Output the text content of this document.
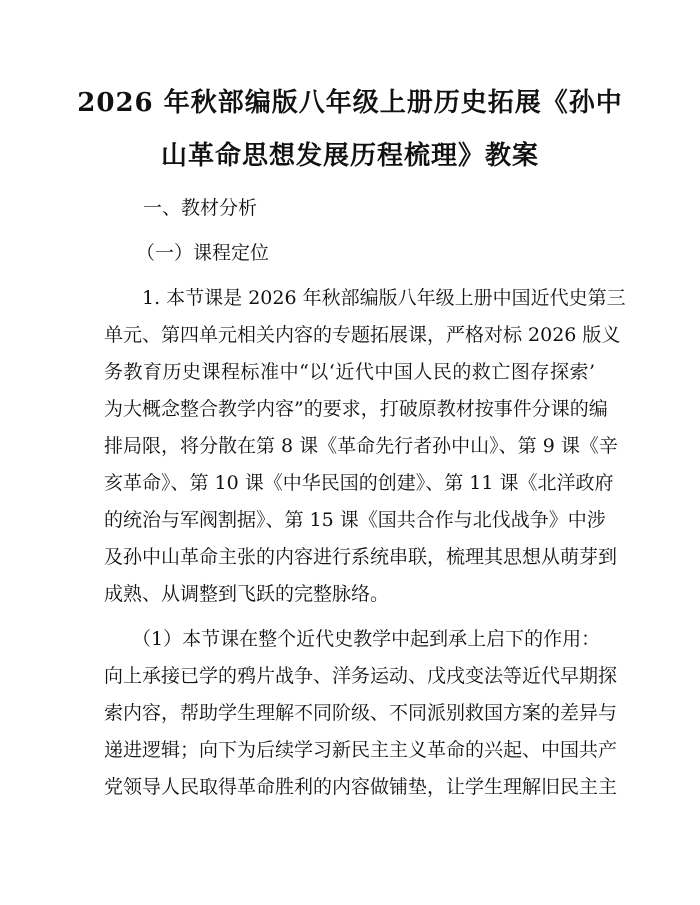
2026 年秋部编版八年级上册历史拓展《孙中
山革命思想发展历程梳理》教案
一、教材分析
（一）课程定位
1. 本节课是 2026 年秋部编版八年级上册中国近代史第三
单元、第四单元相关内容的专题拓展课，严格对标 2026 版义
务教育历史课程标准中“以‘近代中国人民的救亡图存探索’
为大概念整合教学内容”的要求，打破原教材按事件分课的编
排局限，将分散在第 8 课《革命先行者孙中山》、第 9 课《辛
亥革命》、第 10 课《中华民国的创建》、第 11 课《北洋政府
的统治与军阀割据》、第 15 课《国共合作与北伐战争》中涉
及孙中山革命主张的内容进行系统串联，梳理其思想从萌芽到
成熟、从调整到飞跃的完整脉络。
（1）本节课在整个近代史教学中起到承上启下的作用：
向上承接已学的鸦片战争、洋务运动、戊戌变法等近代早期探
索内容，帮助学生理解不同阶级、不同派别救国方案的差异与
递进逻辑；向下为后续学习新民主主义革命的兴起、中国共产
党领导人民取得革命胜利的内容做铺垫，让学生理解旧民主主
